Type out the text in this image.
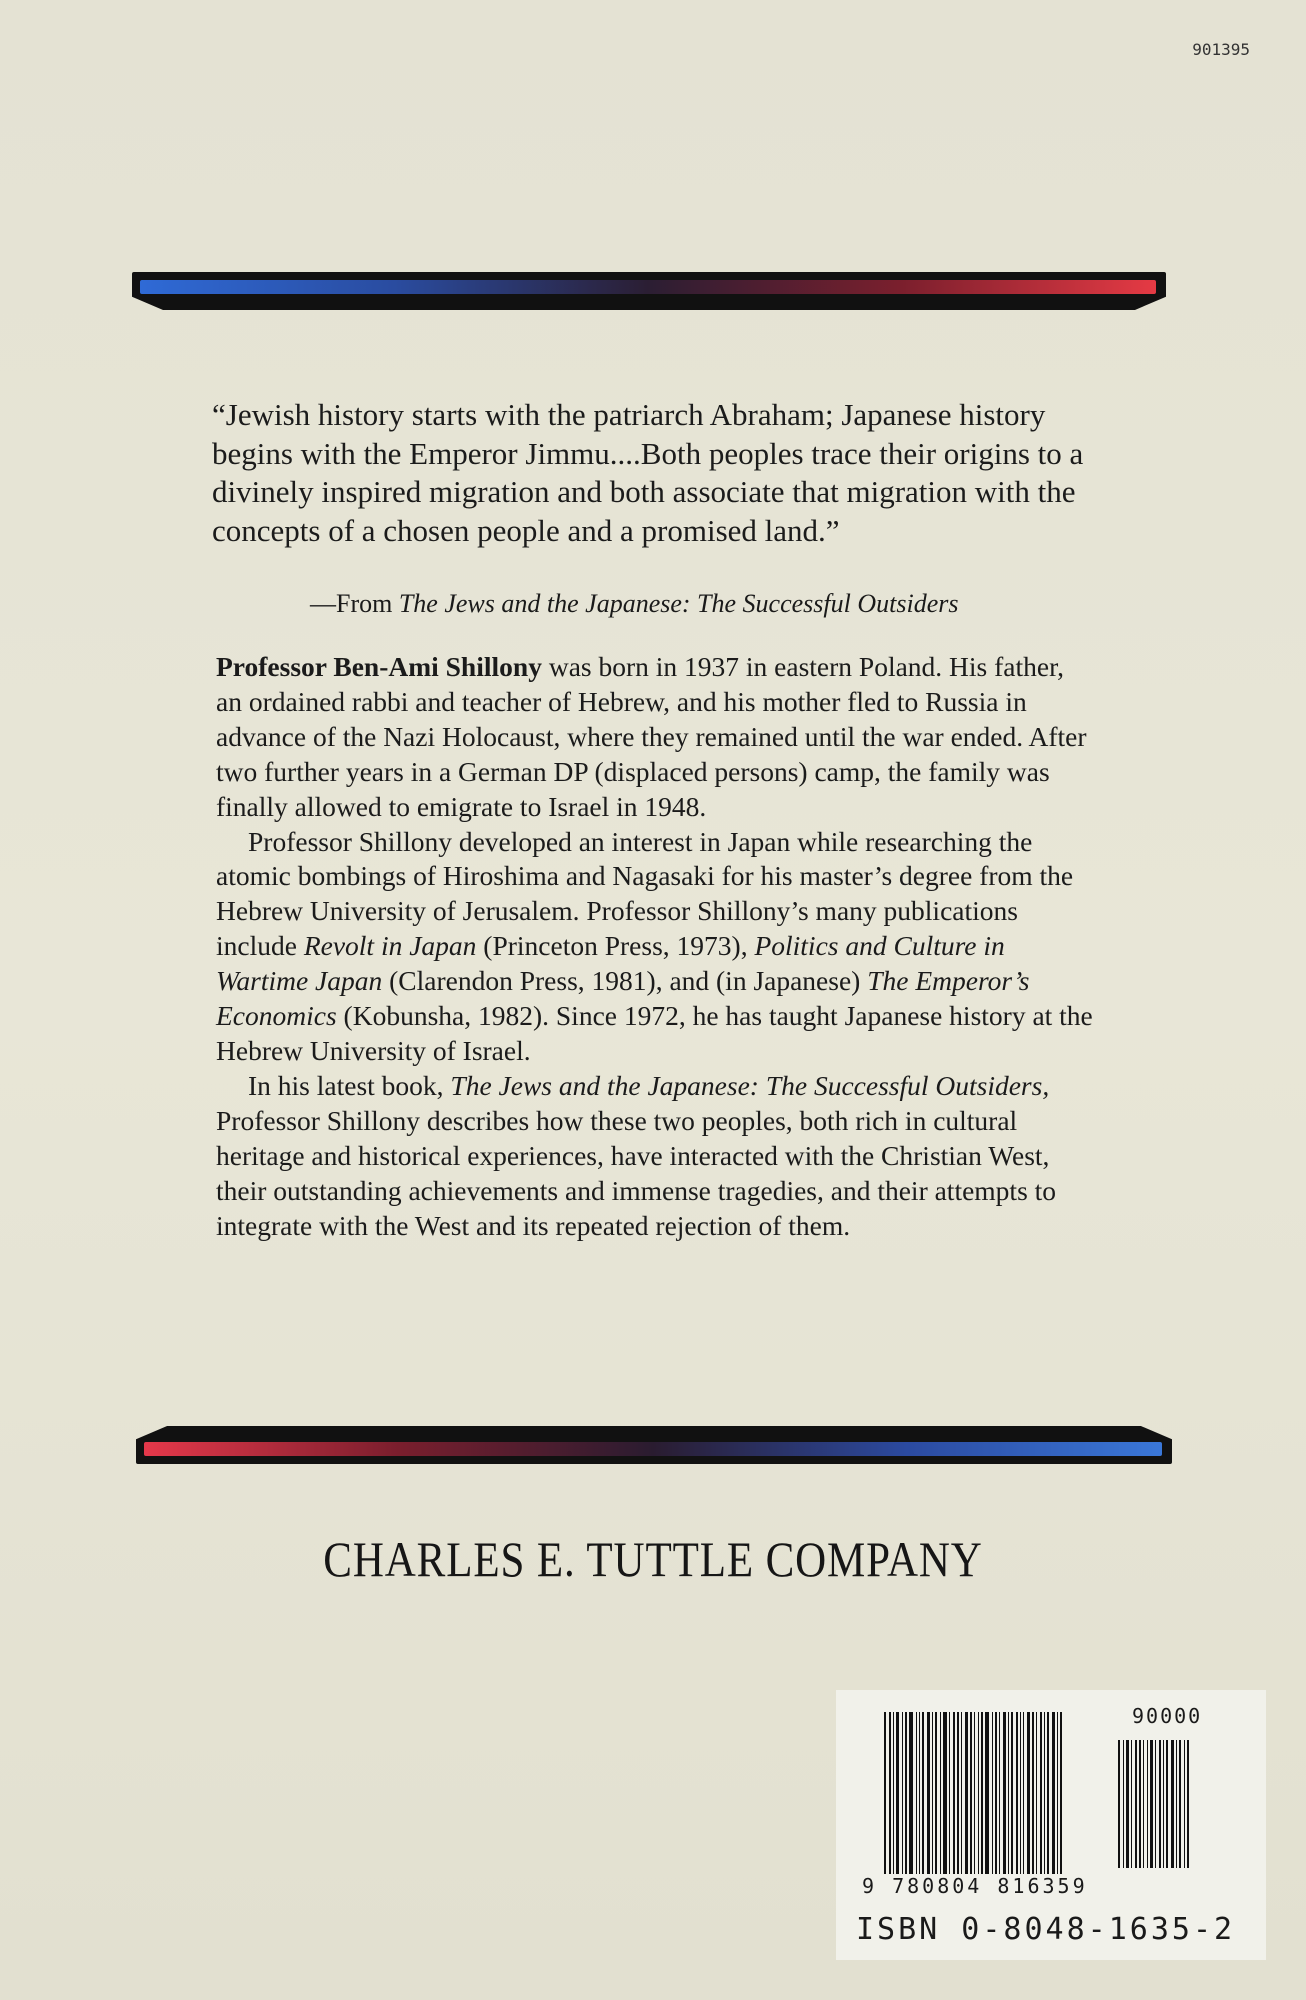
901395
“Jewish history starts with the patriarch Abraham; Japanese history begins with the Emperor Jimmu....Both peoples trace their origins to a divinely inspired migration and both associate that migration with the concepts of a chosen people and a promised land.”
—From The Jews and the Japanese: The Successful Outsiders

Professor Ben-Ami Shillony was born in 1937 in eastern Poland. His father, an ordained rabbi and teacher of Hebrew, and his mother fled to Russia in advance of the Nazi Holocaust, where they remained until the war ended. After two further years in a German DP (displaced persons) camp, the family was finally allowed to emigrate to Israel in 1948.

Professor Shillony developed an interest in Japan while researching the atomic bombings of Hiroshima and Nagasaki for his master’s degree from the Hebrew University of Jerusalem. Professor Shillony’s many publications include Revolt in Japan (Princeton Press, 1973), Politics and Culture in Wartime Japan (Clarendon Press, 1981), and (in Japanese) The Emperor’s Economics (Kobunsha, 1982). Since 1972, he has taught Japanese history at the Hebrew University of Israel.

In his latest book, The Jews and the Japanese: The Successful Outsiders, Professor Shillony describes how these two peoples, both rich in cultural heritage and historical experiences, have interacted with the Christian West, their outstanding achievements and immense tragedies, and their attempts to integrate with the West and its repeated rejection of them.

CHARLES E. TUTTLE COMPANY
90000
9 780804 816359
ISBN 0-8048-1635-2
